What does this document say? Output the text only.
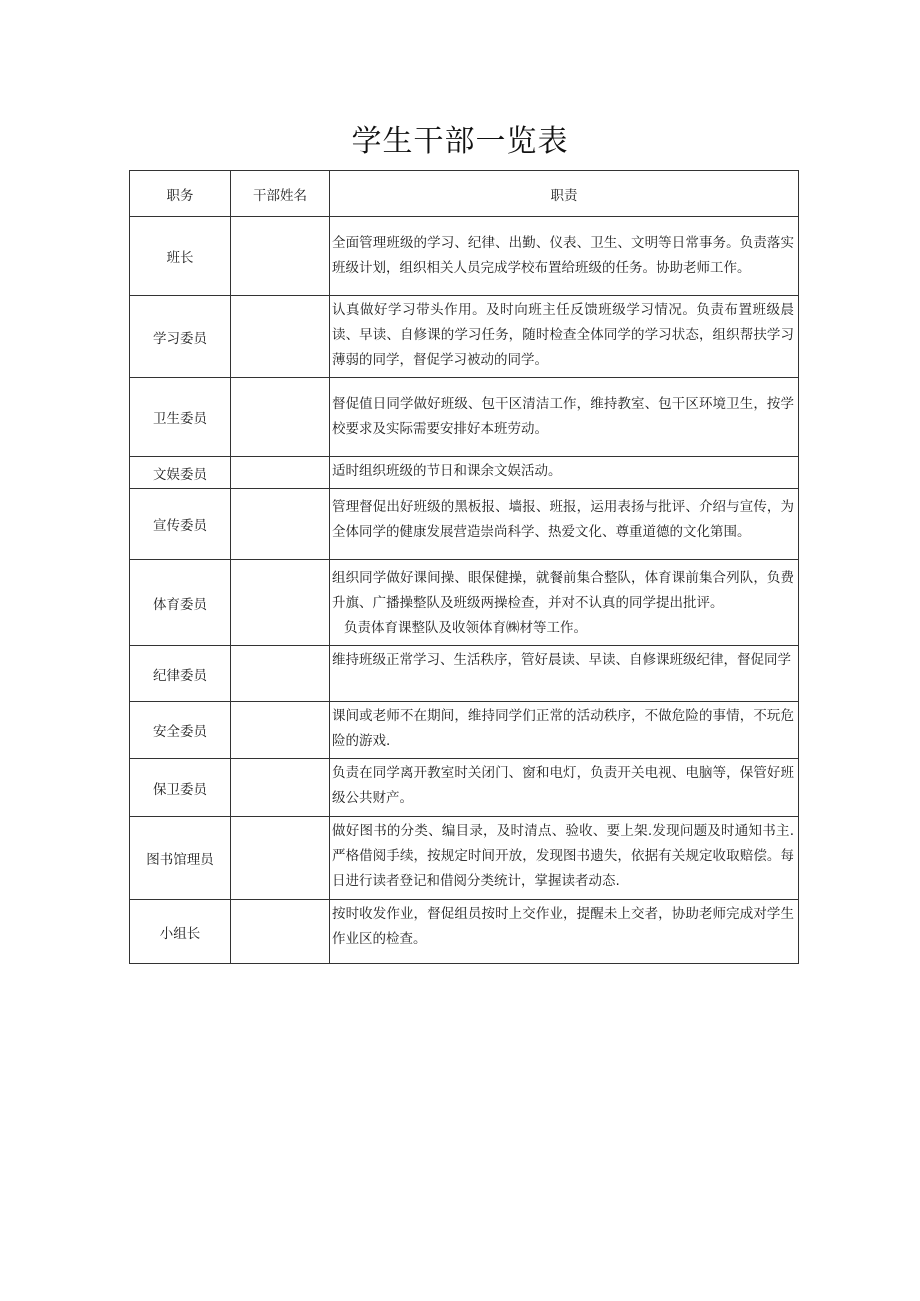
学生干部一览表
职务	干部姓名	职责
班长		全面管理班级的学习、纪律、出勤、仪表、卫生、文明等日常事务。负责落实班级计划，组织相关人员完成学校布置给班级的任务。协助老师工作。
学习委员		认真做好学习带头作用。及时向班主任反馈班级学习情况。负责布置班级晨读、早读、自修课的学习任务，随时检查全体同学的学习状态，组织帮扶学习薄弱的同学，督促学习被动的同学。
卫生委员		督促值日同学做好班级、包干区清洁工作，维持教室、包干区环境卫生，按学校要求及实际需要安排好本班劳动。
文娱委员		适时组织班级的节日和课余文娱活动。
宣传委员		管理督促出好班级的黑板报、墙报、班报，运用表扬与批评、介绍与宣传，为全体同学的健康发展营造崇尚科学、热爱文化、尊重道德的文化第围。
体育委员		组织同学做好课间操、眼保健操，就餐前集合整队，体育课前集合列队，负费升旗、广播操整队及班级两操检查，并对不认真的同学提出批评。
负责体育课整队及收领体育㈱材等工作。

纪律委员		维持班级正常学习、生活秩序，管好晨读、早读、自修课班级纪律，督促同学
安全委员		课间或老师不在期间，维持同学们正常的活动秩序，不做危险的事情，不玩危险的游戏.
保卫委员		负责在同学离开教室时关闭门、窗和电灯，负责开关电视、电脑等，保管好班级公共财产。
图书馆理员		做好图书的分类、编目录，及时清点、验收、要上架.发现问题及时通知书主.严格借阅手续，按规定时间开放，发现图书遗失，依据有关规定收取赔偿。每日进行读者登记和借阅分类统计，掌握读者动态.
小组长		按时收发作业，督促组员按时上交作业，提醒未上交者，协助老师完成对学生作业区的检查。
